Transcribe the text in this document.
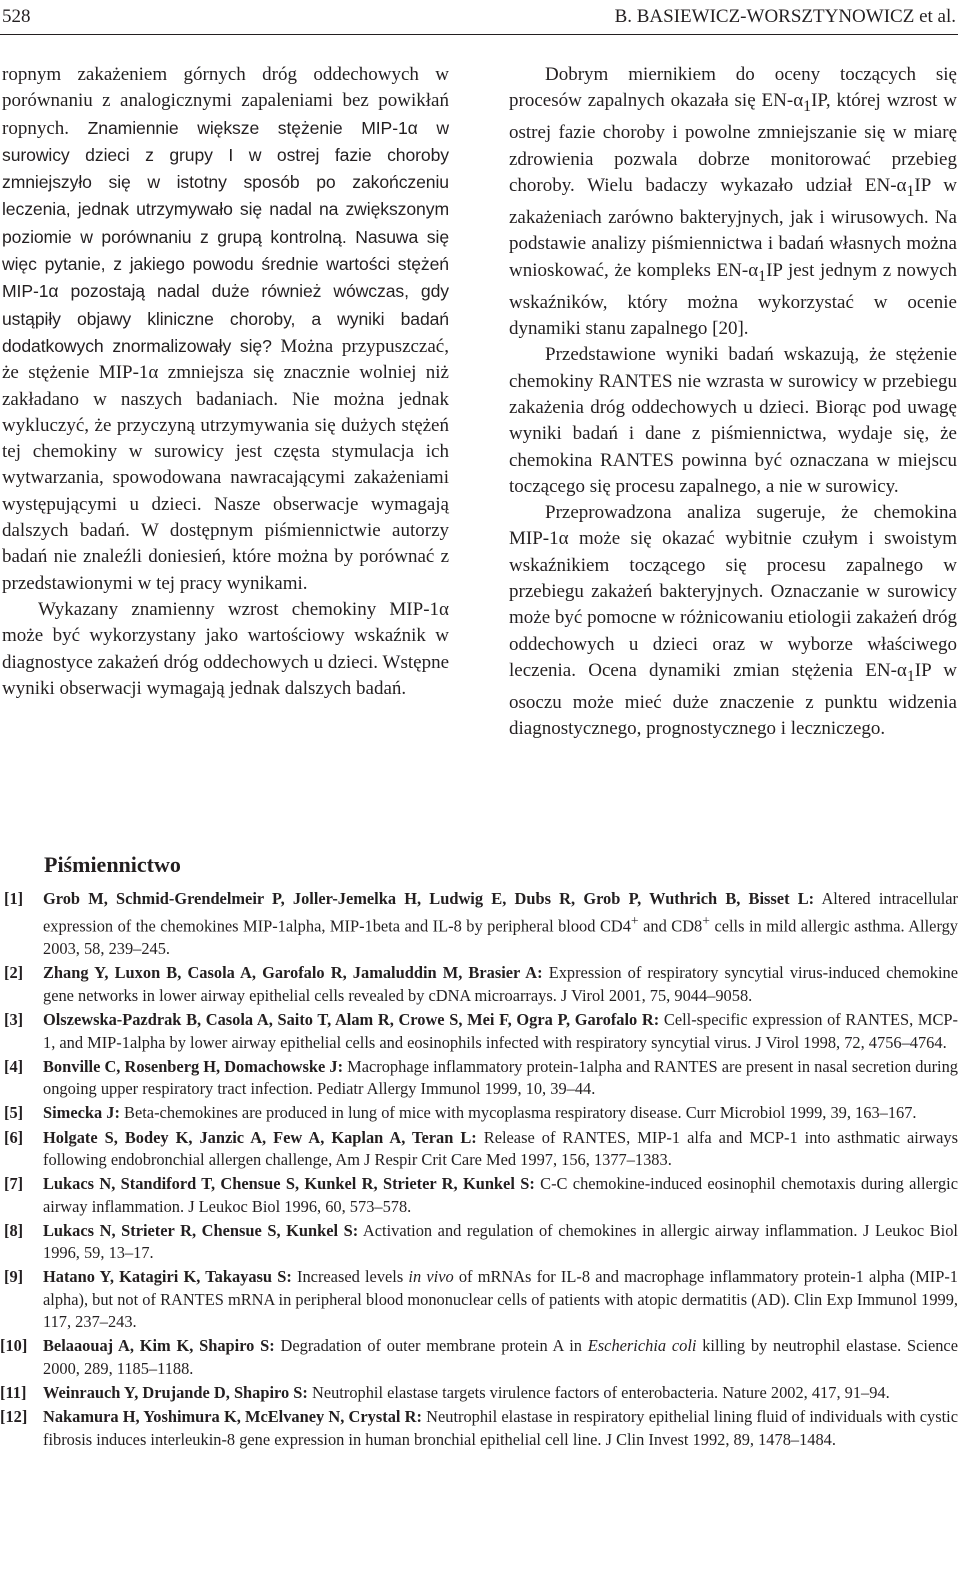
528	B. BASIEWICZ-WORSZTYNOWICZ et al.

ropnym zakażeniem górnych dróg oddechowych w porównaniu z analogicznymi zapaleniami bez powikłań ropnych. Znamiennie większe stężenie MIP-1α w surowicy dzieci z grupy I w ostrej fazie choroby zmniejszyło się w istotny sposób po zakończeniu leczenia, jednak utrzymywało się nadal na zwiększonym poziomie w porównaniu z grupą kontrolną. Nasuwa się więc pytanie, z jakiego powodu średnie wartości stężeń MIP-1α pozostają nadal duże również wówczas, gdy ustąpiły objawy kliniczne choroby, a wyniki badań dodatkowych znormalizowały się? Można przypuszczać, że stężenie MIP-1α zmniejsza się znacznie wolniej niż zakładano w naszych badaniach. Nie można jednak wykluczyć, że przyczyną utrzymywania się dużych stężeń tej chemokiny w surowicy jest częsta stymulacja ich wytwarzania, spowodowana nawracającymi zakażeniami występującymi u dzieci. Nasze obserwacje wymagają dalszych badań. W dostępnym piśmiennictwie autorzy badań nie znaleźli doniesień, które można by porównać z przedstawionymi w tej pracy wynikami.

Wykazany znamienny wzrost chemokiny MIP-1α może być wykorzystany jako wartościowy wskaźnik w diagnostyce zakażeń dróg oddechowych u dzieci. Wstępne wyniki obserwacji wymagają jednak dalszych badań.

Dobrym miernikiem do oceny toczących się procesów zapalnych okazała się $EN-\alpha_1IP$, której wzrost w ostrej fazie choroby i powolne zmniejszanie się w miarę zdrowienia pozwala dobrze monitorować przebieg choroby. Wielu badaczy wykazało udział $EN-\alpha_1IP$ w zakażeniach zarówno bakteryjnych, jak i wirusowych. Na podstawie analizy piśmiennictwa i badań własnych można wnioskować, że kompleks $EN-\alpha_1IP$ jest jednym z nowych wskaźników, który można wykorzystać w ocenie dynamiki stanu zapalnego [20].

Przedstawione wyniki badań wskazują, że stężenie chemokiny RANTES nie wzrasta w surowicy w przebiegu zakażenia dróg oddechowych u dzieci. Biorąc pod uwagę wyniki badań i dane z piśmiennictwa, wydaje się, że chemokina RANTES powinna być oznaczana w miejscu toczącego się procesu zapalnego, a nie w surowicy.

Przeprowadzona analiza sugeruje, że chemokina MIP-1α może się okazać wybitnie czułym i swoistym wskaźnikiem toczącego się procesu zapalnego w przebiegu zakażeń bakteryjnych. Oznaczanie w surowicy może być pomocne w różnicowaniu etiologii zakażeń dróg oddechowych u dzieci oraz w wyborze właściwego leczenia. Ocena dynamiki zmian stężenia $EN-\alpha_1IP$ w osoczu może mieć duże znaczenie z punktu widzenia diagnostycznego, prognostycznego i leczniczego.

Piśmiennictwo
[1] Grob M, Schmid-Grendelmeir P, Joller-Jemelka H, Ludwig E, Dubs R, Grob P, Wuthrich B, Bisset L: Altered intracellular expression of the chemokines MIP-1alpha, MIP-1beta and IL-8 by peripheral blood CD4+ and CD8+ cells in mild allergic asthma. Allergy 2003, 58, 239–245.
[2] Zhang Y, Luxon B, Casola A, Garofalo R, Jamaluddin M, Brasier A: Expression of respiratory syncytial virus-induced chemokine gene networks in lower airway epithelial cells revealed by cDNA microarrays. J Virol 2001, 75, 9044–9058.
[3] Olszewska-Pazdrak B, Casola A, Saito T, Alam R, Crowe S, Mei F, Ogra P, Garofalo R: Cell-specific expression of RANTES, MCP-1, and MIP-1alpha by lower airway epithelial cells and eosinophils infected with respiratory syncytial virus. J Virol 1998, 72, 4756–4764.
[4] Bonville C, Rosenberg H, Domachowske J: Macrophage inflammatory protein-1alpha and RANTES are present in nasal secretion during ongoing upper respiratory tract infection. Pediatr Allergy Immunol 1999, 10, 39–44.
[5] Simecka J: Beta-chemokines are produced in lung of mice with mycoplasma respiratory disease. Curr Microbiol 1999, 39, 163–167.
[6] Holgate S, Bodey K, Janzic A, Few A, Kaplan A, Teran L: Release of RANTES, MIP-1 alfa and MCP-1 into asthmatic airways following endobronchial allergen challenge, Am J Respir Crit Care Med 1997, 156, 1377–1383.
[7] Lukacs N, Standiford T, Chensue S, Kunkel R, Strieter R, Kunkel S: C-C chemokine-induced eosinophil chemotaxis during allergic airway inflammation. J Leukoc Biol 1996, 60, 573–578.
[8] Lukacs N, Strieter R, Chensue S, Kunkel S: Activation and regulation of chemokines in allergic airway inflammation. J Leukoc Biol 1996, 59, 13–17.
[9] Hatano Y, Katagiri K, Takayasu S: Increased levels in vivo of mRNAs for IL-8 and macrophage inflammatory protein-1 alpha (MIP-1 alpha), but not of RANTES mRNA in peripheral blood mononuclear cells of patients with atopic dermatitis (AD). Clin Exp Immunol 1999, 117, 237–243.
[10] Belaaouaj A, Kim K, Shapiro S: Degradation of outer membrane protein A in Escherichia coli killing by neutrophil elastase. Science 2000, 289, 1185–1188.
[11] Weinrauch Y, Drujande D, Shapiro S: Neutrophil elastase targets virulence factors of enterobacteria. Nature 2002, 417, 91–94.
[12] Nakamura H, Yoshimura K, McElvaney N, Crystal R: Neutrophil elastase in respiratory epithelial lining fluid of individuals with cystic fibrosis induces interleukin-8 gene expression in human bronchial epithelial cell line. J Clin Invest 1992, 89, 1478–1484.
